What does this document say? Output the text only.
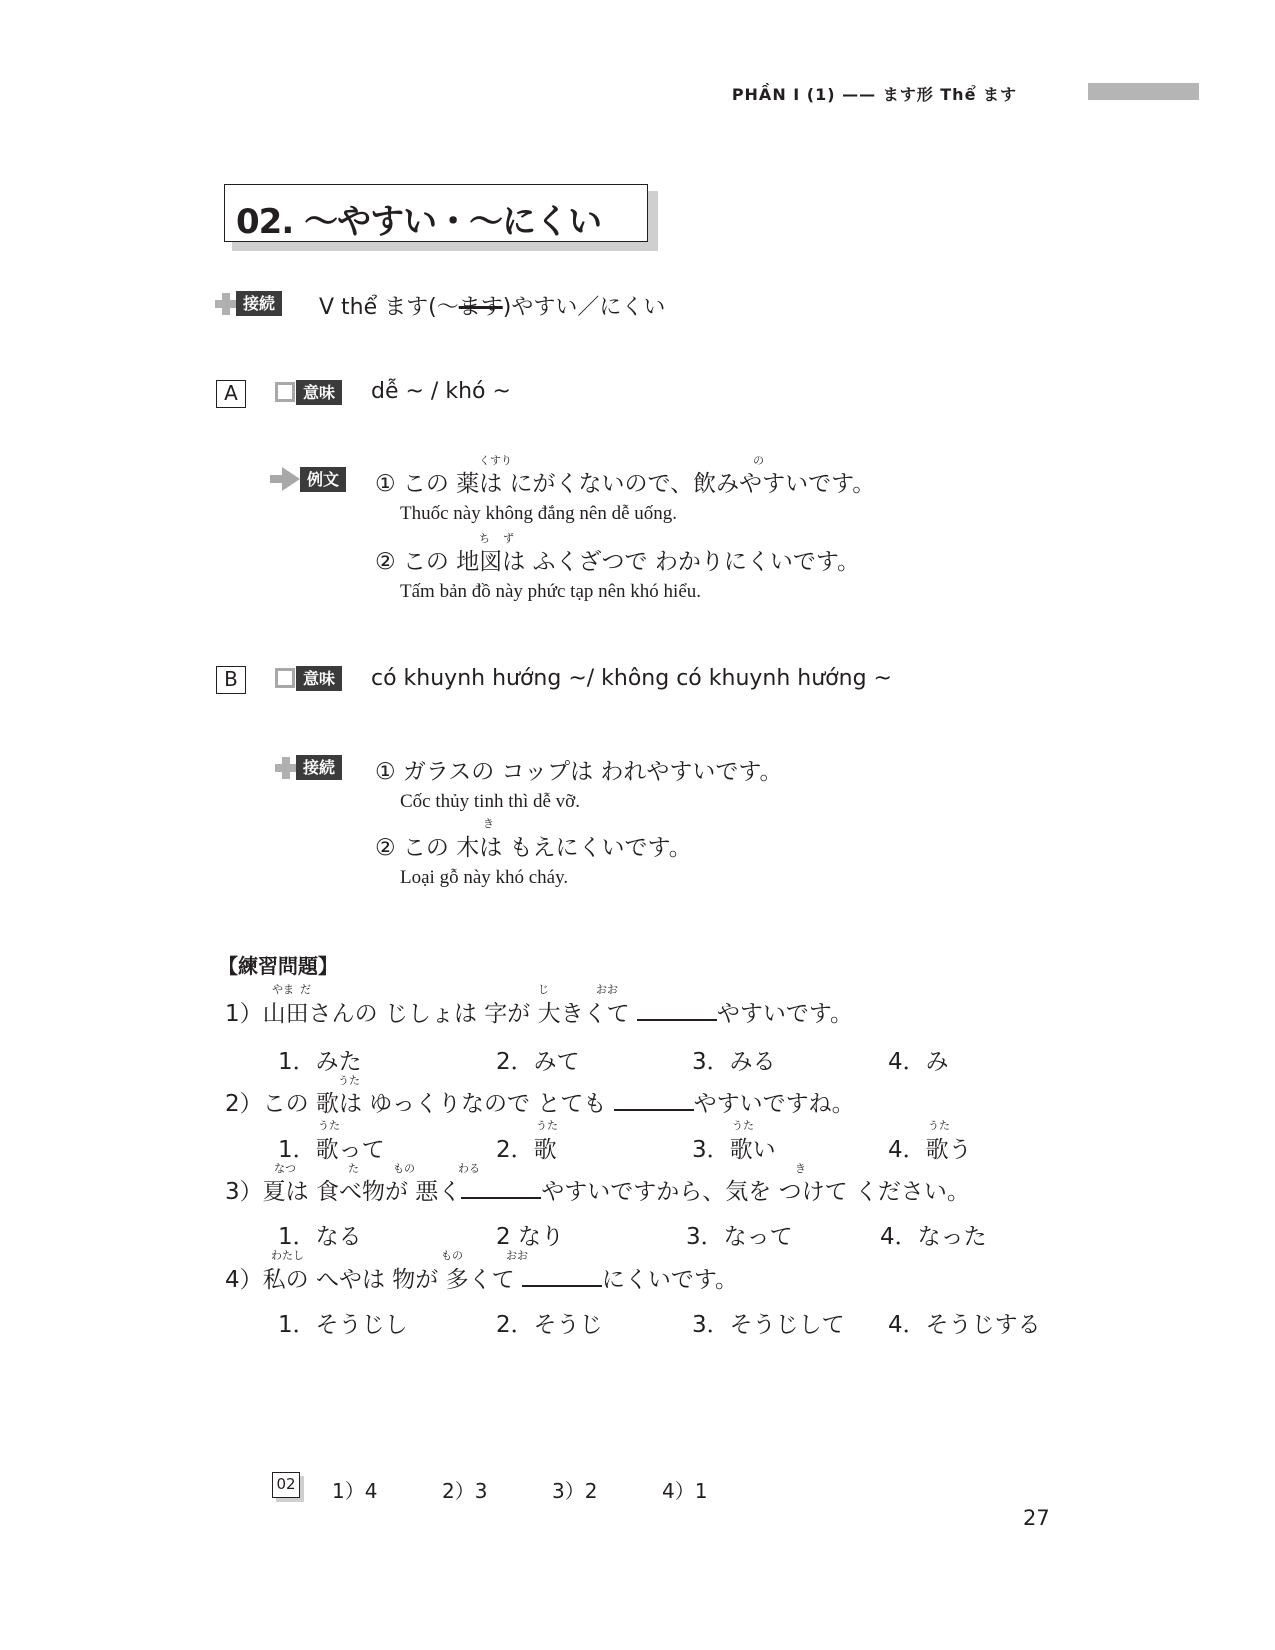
PHẦN Ⅰ (1) —— ます形 Thể ます
02. ～やすい・～にくい
接続	V thể ます(～ます)やすい／にくい
A	意味	dễ ~ / khó ~
例文
くすり	の
① この 薬は にがくないので、飲みやすいです。
Thuốc này không đắng nên dễ uống.
ち ず
② この 地図は ふくざつで わかりにくいです。
Tấm bản đồ này phức tạp nên khó hiểu.
B	意味	có khuynh hướng ~/ không có khuynh hướng ~
接続	① ガラスの コップは われやすいです。
Cốc thủy tinh thì dễ vỡ.
き
② この 木は もえにくいです。
Loại gỗ này khó cháy.
【練習問題】
やま だ	じ	おお
1）山田さんの じしょは 字が 大きくて	やすいです。
1．みた	2．みて	3．みる	4．み
うた
2）この 歌は ゆっくりなので とても	やすいですね。
うた	うた	うた	うた
1．歌って	2．歌	3．歌い	4．歌う
なつ	た	もの	わる	き
3）夏は 食べ物が 悪く	やすいですから、気を つけて ください。
1．なる	2 なり	3．なって	4．なった
わたし	もの	おお
4）私の へやは 物が 多くて	にくいです。
1．そうじし	2．そうじ	3．そうじして 4．そうじする
02 1）4	2）3	3）2	4）1
27
